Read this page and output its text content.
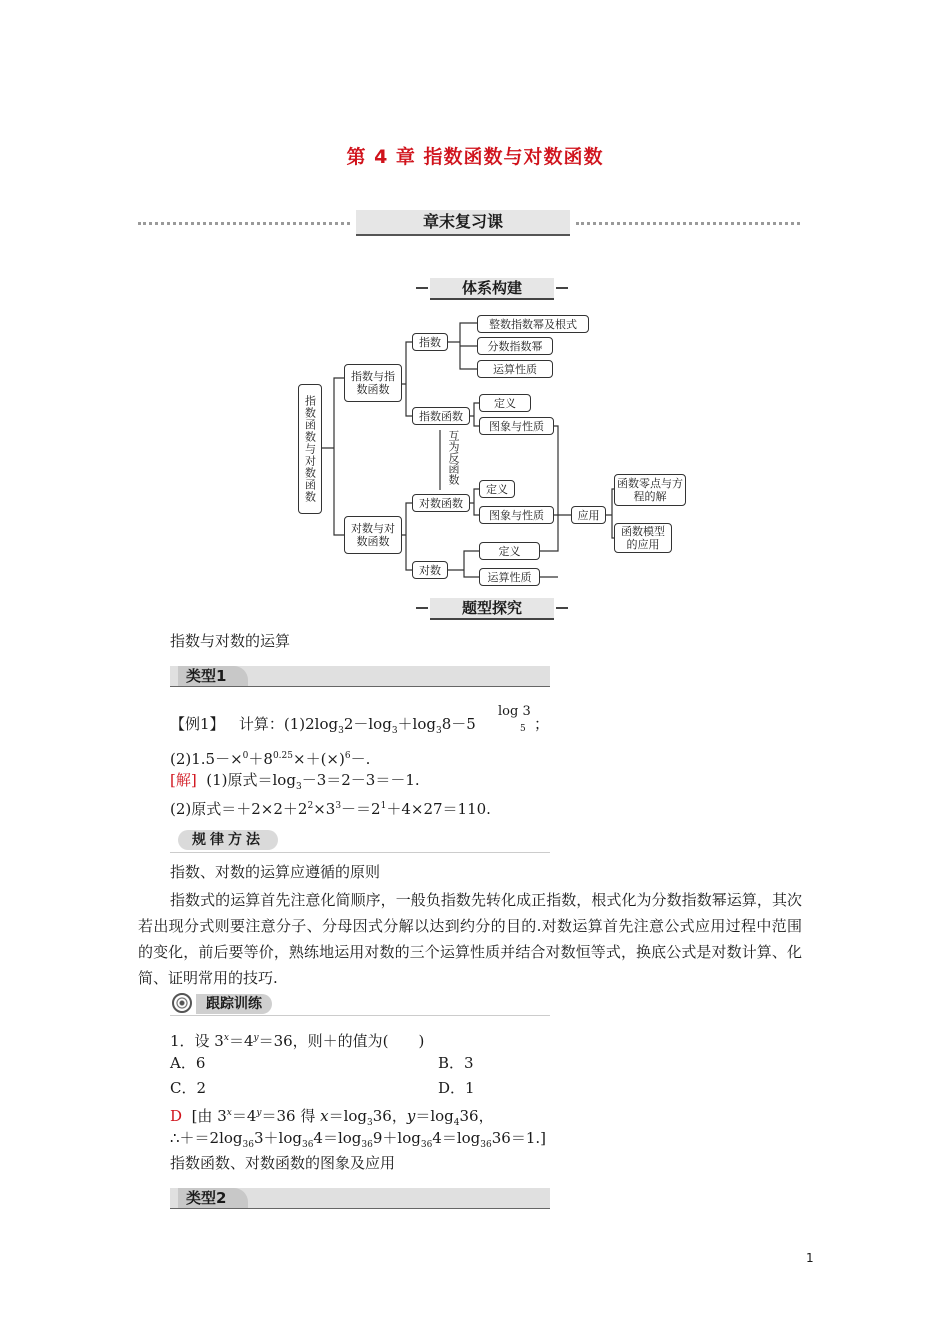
第 4 章 指数函数与对数函数
章末复习课
体系构建
指数函数与对数函数
指数与指数函数
对数与对数函数
指数
整数指数幂及根式
分数指数幂
运算性质
指数函数
定义
图象与性质
互为反函数
对数函数
定义
图象与性质
对数
定义
运算性质
应用
函数零点与方程的解
函数模型的应用
题型探究
指数与对数的运算
类型1
【例1】 计算：$(1)2\log_32-\log_3+\log_38-5$
log 3
5 ；
$(2)1.5-\times^0+8^{0.25}\times+(\times)^6-$.
[解] (1)原式$=\log_3-3=2-3=-1$.
(2)原式$=+2\times 2+2^2\times 3^3-=2^1+4\times 27=110$.
规律方法
指数、对数的运算应遵循的原则
指数式的运算首先注意化简顺序，一般负指数先转化成正指数，根式化为分数指数幂运算，其次若出现分式则要注意分子、分母因式分解以达到约分的目的.对数运算首先注意公式应用过程中范围的变化，前后要等价，熟练地运用对数的三个运算性质并结合对数恒等式，换底公式是对数计算、化简、证明常用的技巧.
跟踪训练
1．设 $3^x=4^y=36$，则＋的值为(　　)
A．6	B．3
C．2	D．1
D [由 $3^x=4^y=36$ 得 $x=\log_336$，$y=\log_436$，
$\therefore+=2\log_{36}3+\log_{36}4=\log_{36}9+\log_{36}4=\log_{36}36=1$.]
指数函数、对数函数的图象及应用
类型2
1
